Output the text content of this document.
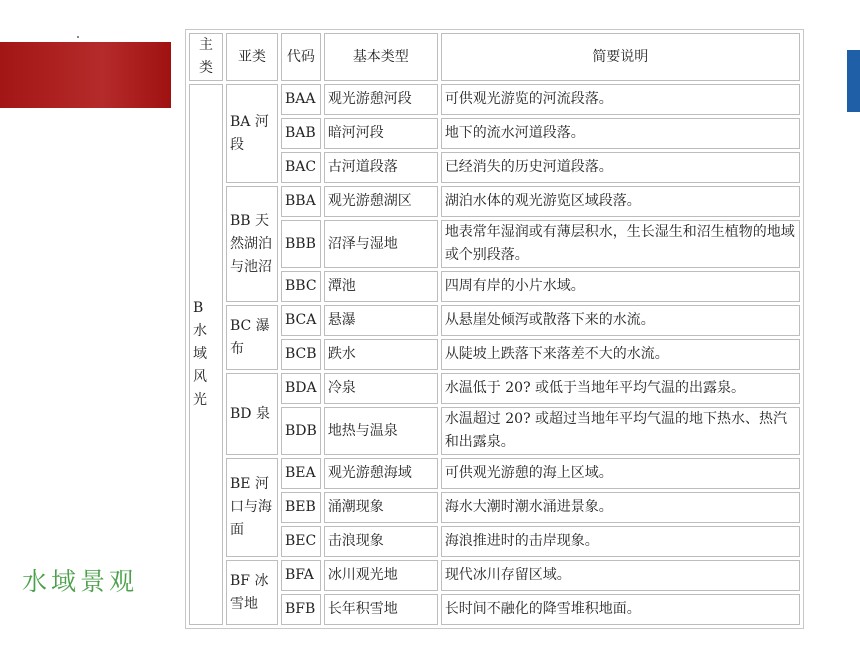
水域景观
主类	亚类	代码	基本类型	简要说明
B 水域风光	BA 河段	BAA	观光游憩河段	可供观光游览的河流段落。
		BAB	暗河河段	地下的流水河道段落。
		BAC	古河道段落	已经消失的历史河道段落。
	BB 天然湖泊与池沼	BBA	观光游憩湖区	湖泊水体的观光游览区域段落。
		BBB	沼泽与湿地	地表常年湿润或有薄层积水，生长湿生和沼生植物的地域或个别段落。
		BBC	潭池	四周有岸的小片水域。
	BC 瀑布	BCA	悬瀑	从悬崖处倾泻或散落下来的水流。
		BCB	跌水	从陡坡上跌落下来落差不大的水流。
	BD 泉	BDA	冷泉	水温低于 20? 或低于当地年平均气温的出露泉。
		BDB	地热与温泉	水温超过 20? 或超过当地年平均气温的地下热水、热汽和出露泉。
	BE 河口与海面	BEA	观光游憩海域	可供观光游憩的海上区域。
		BEB	涌潮现象	海水大潮时潮水涌进景象。
		BEC	击浪现象	海浪推进时的击岸现象。
	BF 冰雪地	BFA	冰川观光地	现代冰川存留区域。
		BFB	长年积雪地	长时间不融化的降雪堆积地面。
